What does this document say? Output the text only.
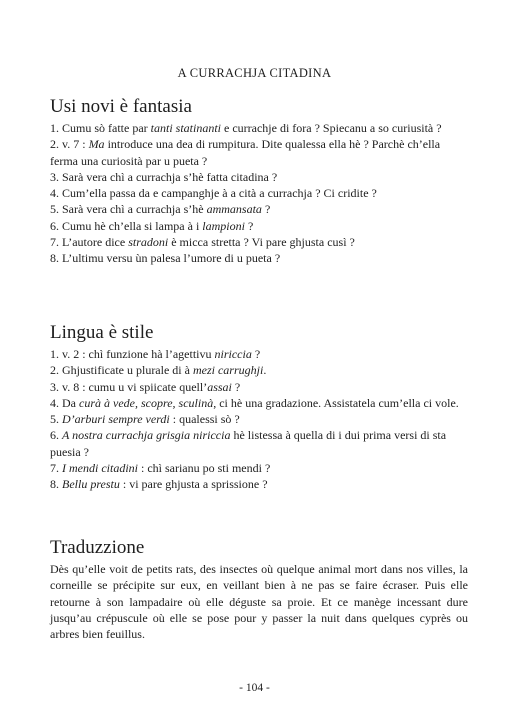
A CURRACHJA CITADINA
Usi novi è fantasia
1. Cumu sò fatte par tanti statinanti e currachje di fora ? Spiecanu a so curiusità ?
2. v. 7 : Ma introduce una dea di rumpitura. Dite qualessa ella hè ? Parchè ch’ella ferma una curiosità par u pueta ?
3. Sarà vera chì a currachja s’hè fatta citadina ?
4. Cum’ella passa da e campanghje à a cità a currachja ? Ci cridite ?
5. Sarà vera chì a currachja s’hè ammansata ?
6. Cumu hè ch’ella si lampa à i lampioni ?
7. L’autore dice stradoni è micca stretta ? Vi pare ghjusta cusì ?
8. L’ultimu versu ùn palesa l’umore di u pueta ?
Lingua è stile
1. v. 2 : chì funzione hà l’agettivu niriccia ?
2. Ghjustificate u plurale di à mezi carrughji.
3. v. 8 : cumu u vi spiicate quell’assai ?
4. Da curà à vede, scopre, sculinà, ci hè una gradazione. Assistatela cum’ella ci vole.
5. D’arburi sempre verdi : qualessi sò ?
6. A nostra currachja grisgia niriccia hè listessa à quella di i dui prima versi di sta puesia ?
7. I mendi citadini : chì sarianu po sti mendi ?
8. Bellu prestu : vi pare ghjusta a sprissione ?
Traduzzione
Dès qu’elle voit de petits rats, des insectes où quelque animal mort dans nos villes, la corneille se précipite sur eux, en veillant bien à ne pas se faire écraser. Puis elle retourne à son lampadaire où elle déguste sa proie. Et ce manège incessant dure jusqu’au crépuscule où elle se pose pour y passer la nuit dans quelques cyprès ou arbres bien feuillus.
- 104 -
